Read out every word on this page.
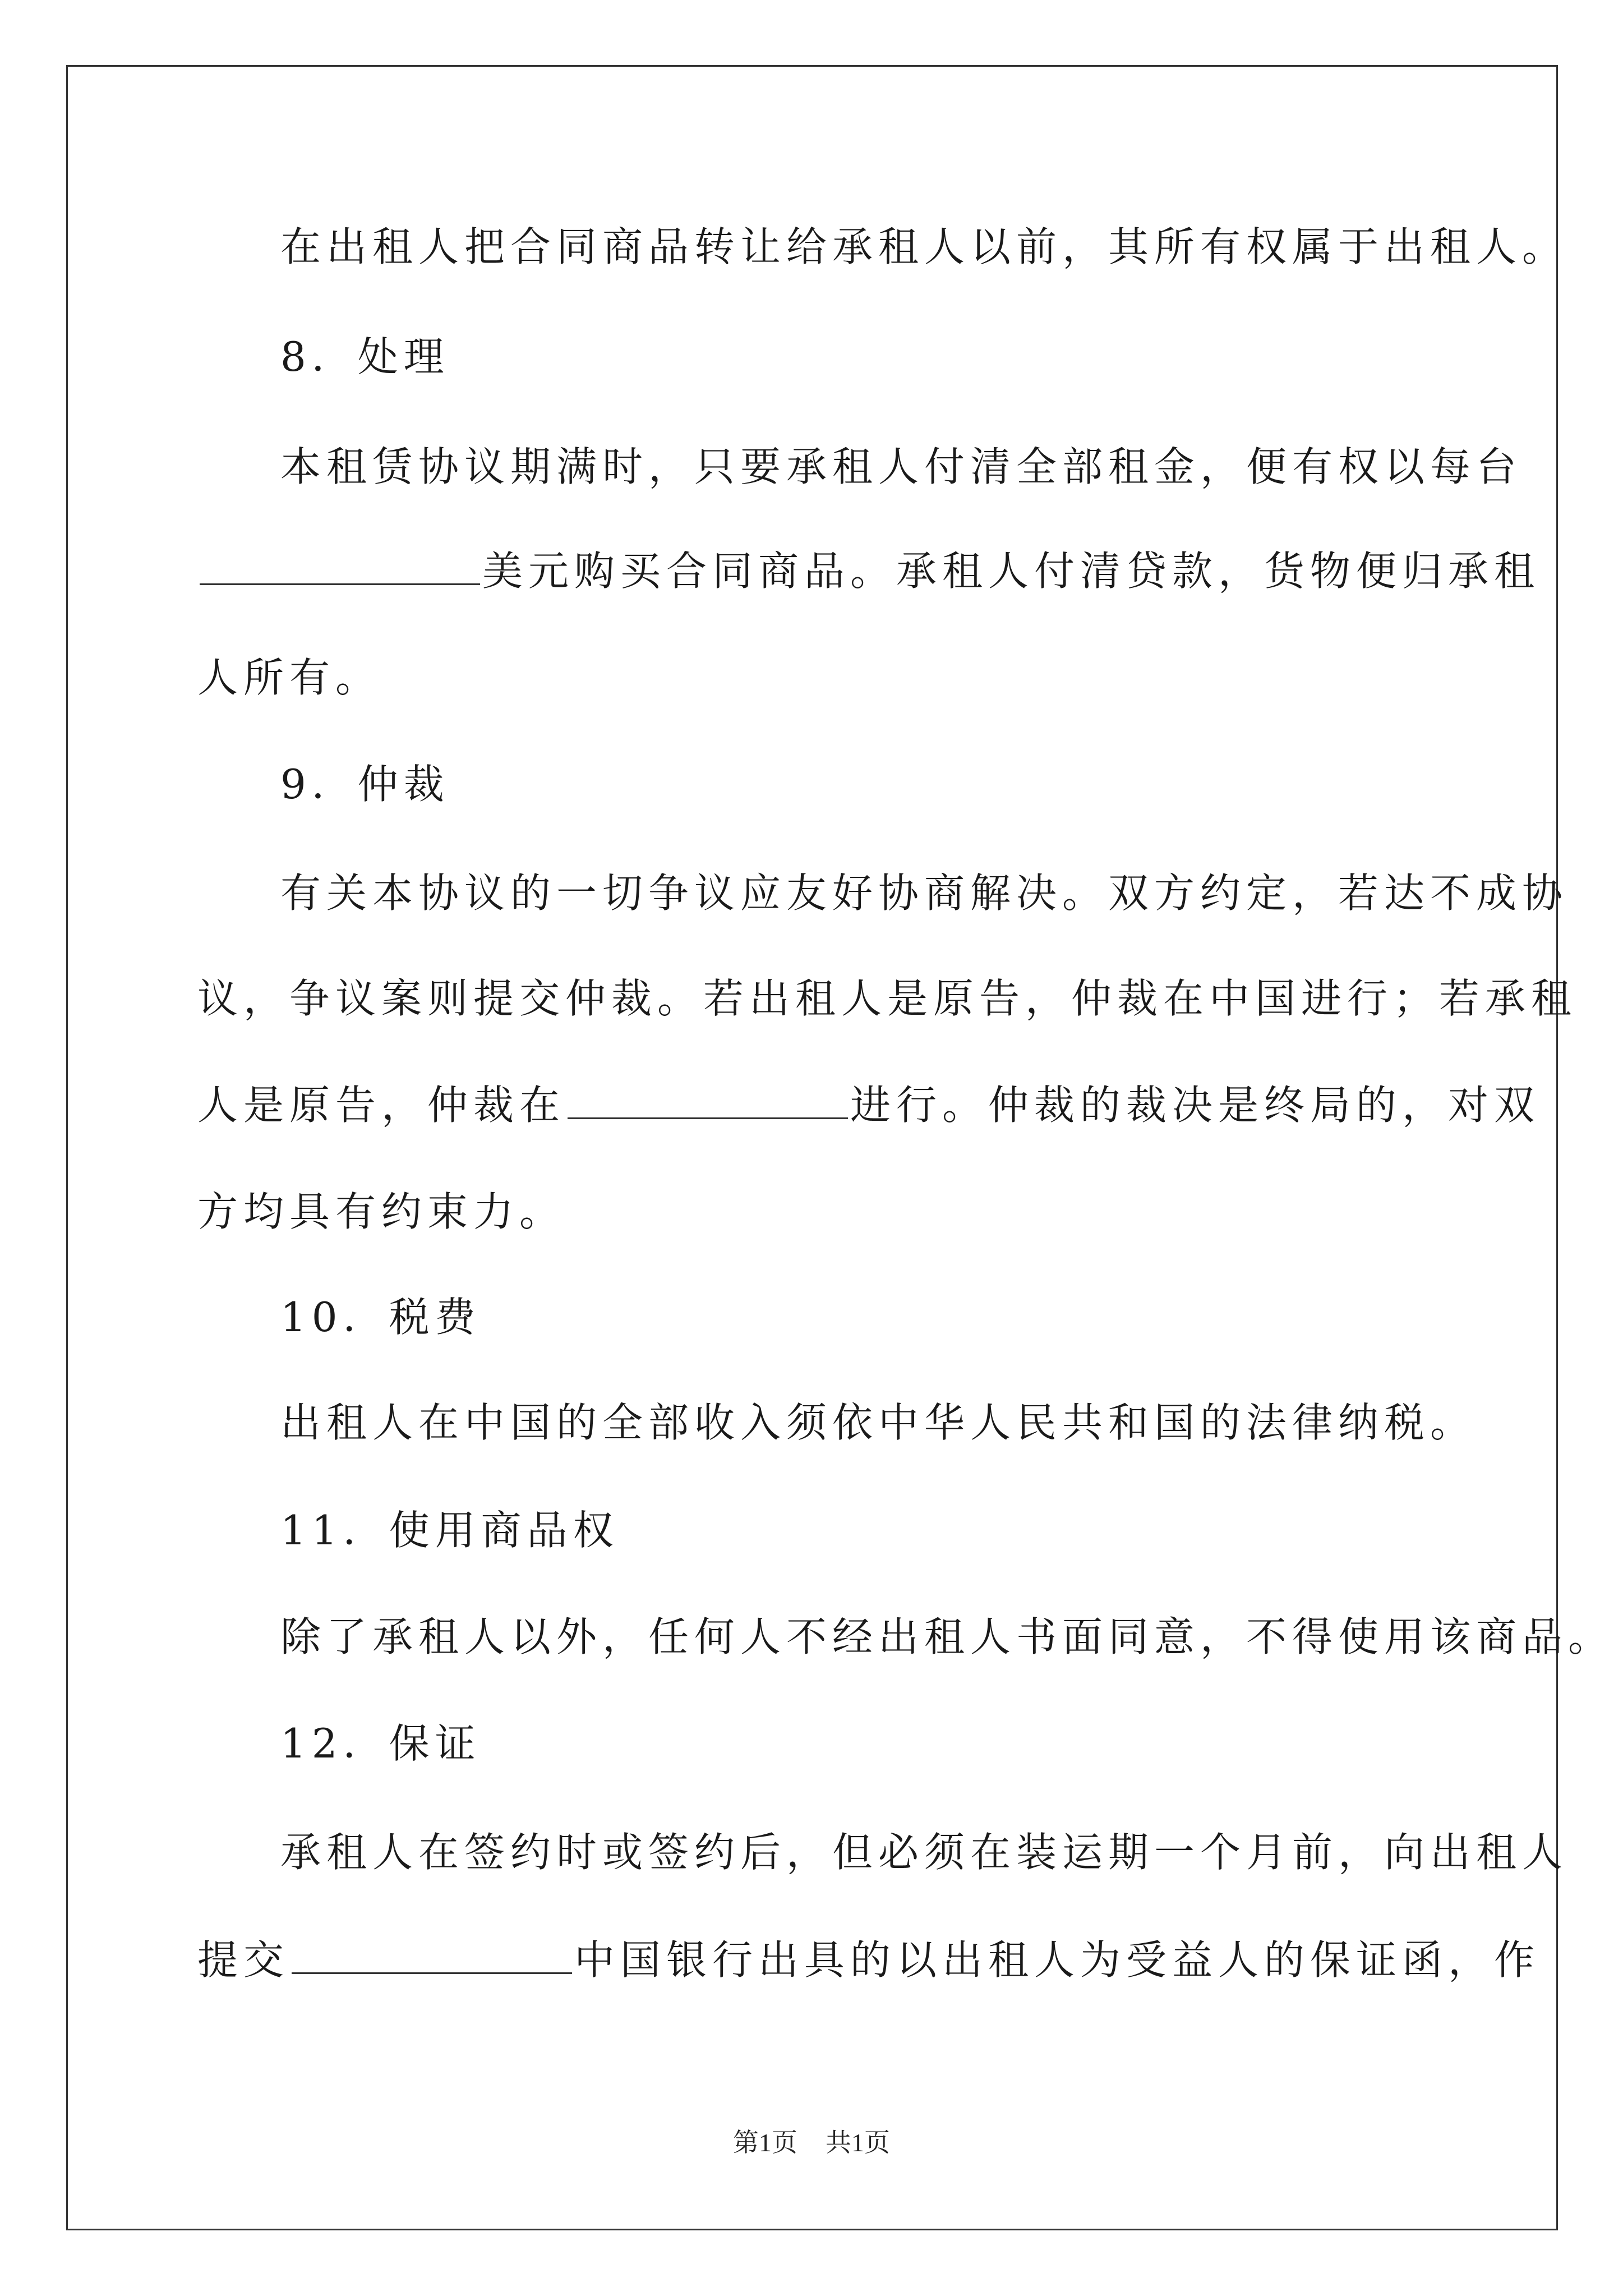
在出租人把合同商品转让给承租人以前，其所有权属于出租人。
8．处理
本租赁协议期满时，只要承租人付清全部租金，便有权以每台
美元购买合同商品。承租人付清贷款，货物便归承租
人所有。
9．仲裁
有关本协议的一切争议应友好协商解决。双方约定，若达不成协
议，争议案则提交仲裁。若出租人是原告，仲裁在中国进行；若承租
人是原告，仲裁在	进行。仲裁的裁决是终局的，对双
方均具有约束力。
10．税费
出租人在中国的全部收入须依中华人民共和国的法律纳税。
11．使用商品权
除了承租人以外，任何人不经出租人书面同意，不得使用该商品。
12．保证
承租人在签约时或签约后，但必须在装运期一个月前，向出租人
提交	中国银行出具的以出租人为受益人的保证函，作
第1页 共1页
